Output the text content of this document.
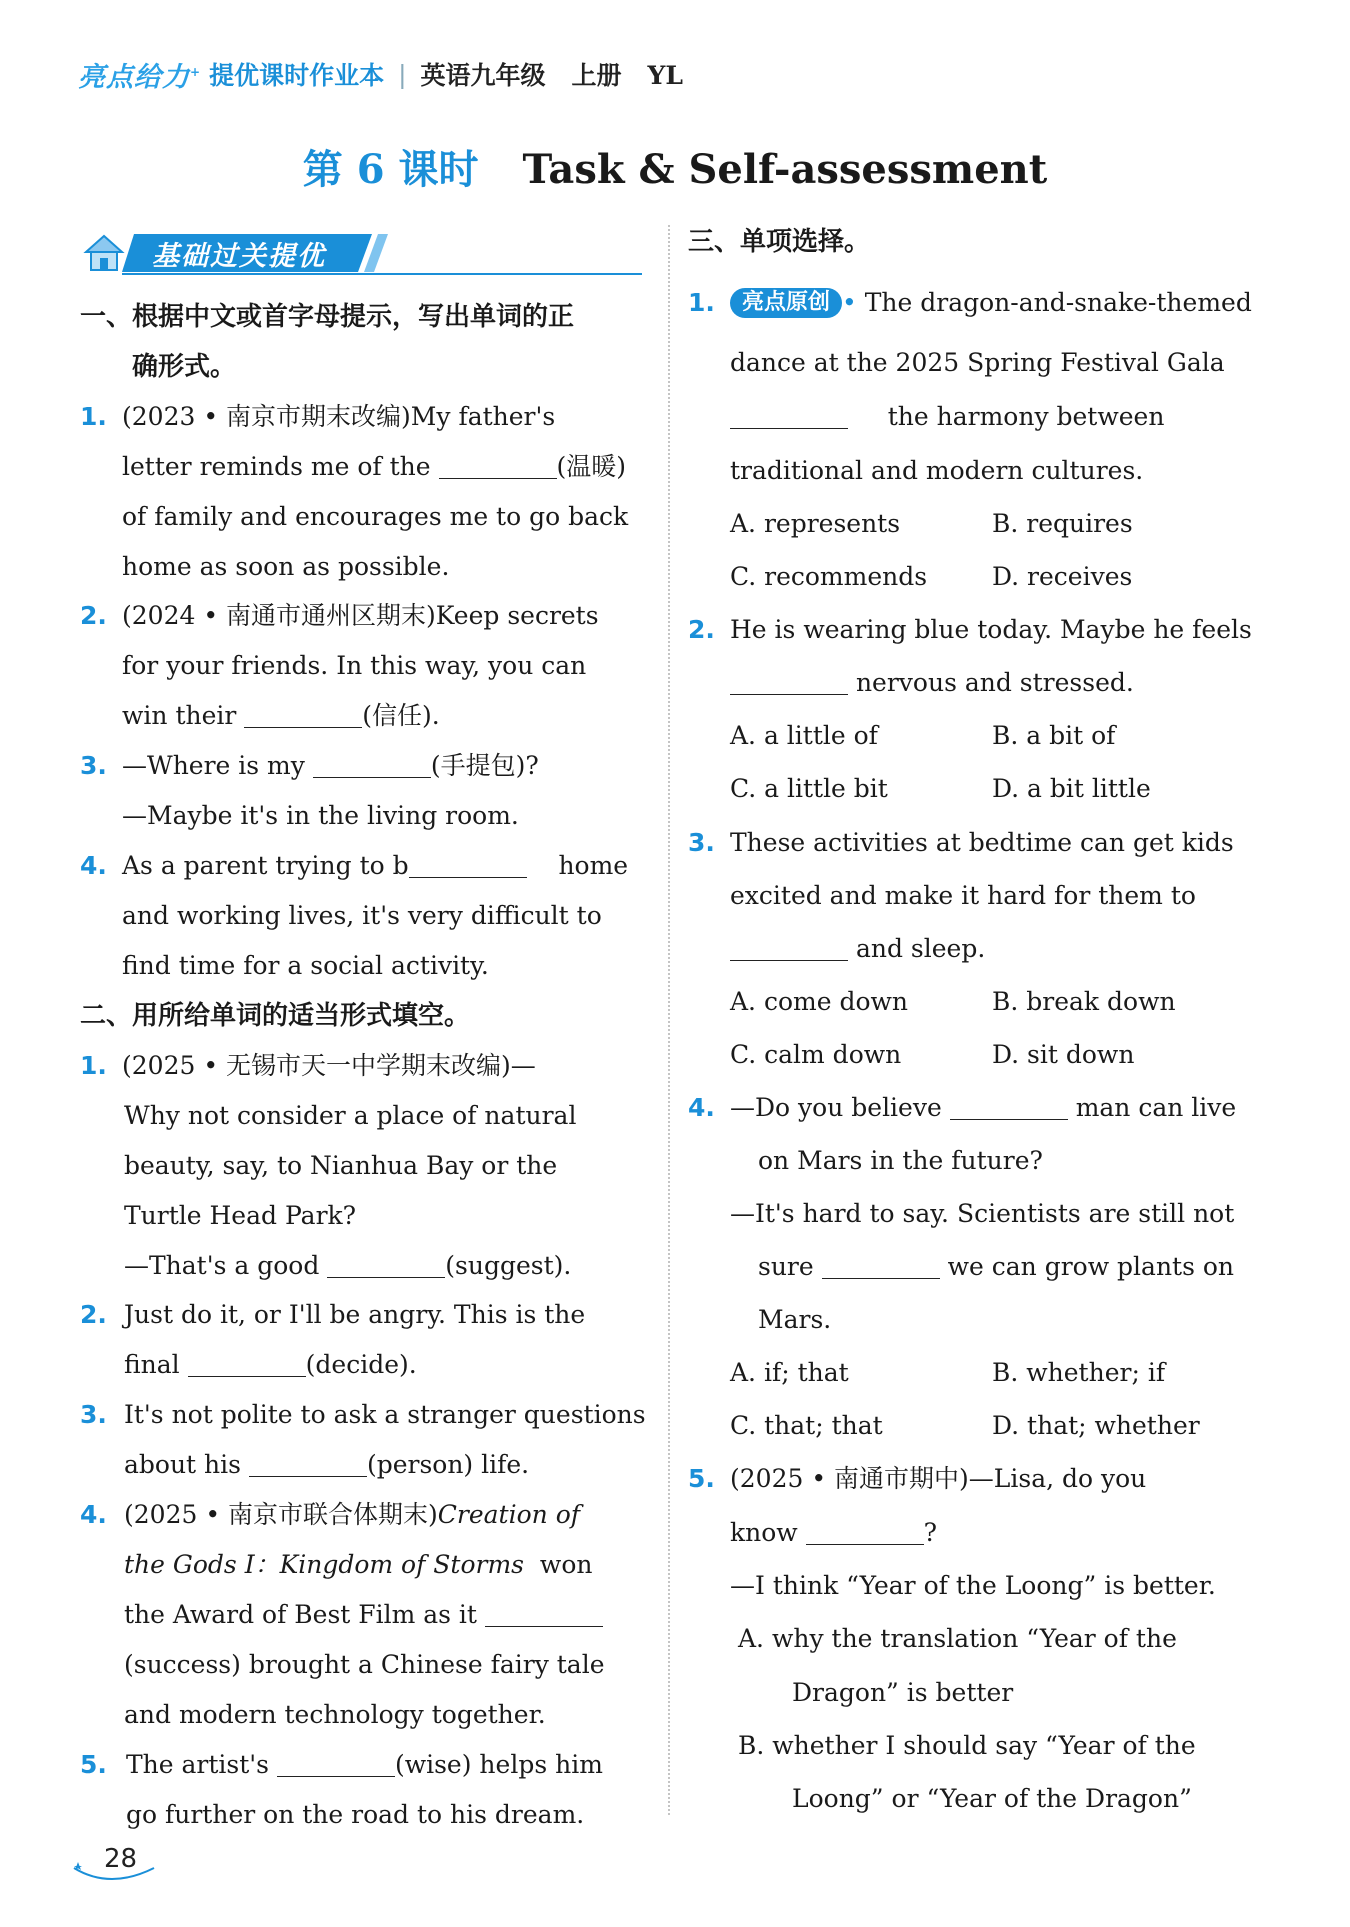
亮点给力+ 提优课时作业本 | 英语九年级 上册 YL
第 6 课时 Task & Self-assessment
基础过关提优
一、根据中文或首字母提示，写出单词的正
确形式。
1. (2023 • 南京市期末改编)My father's
letter reminds me of the	(温暖)
of family and encourages me to go back
home as soon as possible.
2. (2024 • 南通市通州区期末)Keep secrets
for your friends. In this way, you can
win their	(信任).
3. —Where is my	(手提包)?
—Maybe it's in the living room.
4. As a parent trying to b	home
and working lives, it's very difficult to
find time for a social activity.
二、用所给单词的适当形式填空。
1. (2025 • 无锡市天一中学期末改编)—
Why not consider a place of natural
beauty, say, to Nianhua Bay or the
Turtle Head Park?
—That's a good	(suggest).
2. Just do it, or I'll be angry. This is the
final	(decide).
3. It's not polite to ask a stranger questions
about his	(person) life.
4. (2025 • 南京市联合体期末)Creation of
the Gods Ⅰ：Kingdom of Storms won
the Award of Best Film as it
(success) brought a Chinese fairy tale
and modern technology together.
5. The artist's	(wise) helps him
go further on the road to his dream.
三、单项选择。
1.	亮点原创 • The dragon-and-snake-themed
dance at the 2025 Spring Festival Gala
the harmony between
traditional and modern cultures.
A. represents	B. requires
C. recommends	D. receives
2. He is wearing blue today. Maybe he feels
nervous and stressed.
A. a little of	B. a bit of
C. a little bit	D. a bit little
3. These activities at bedtime can get kids
excited and make it hard for them to
and sleep.
A. come down	B. break down
C. calm down	D. sit down
4. —Do you believe	man can live
on Mars in the future?
—It's hard to say. Scientists are still not
sure	we can grow plants on
Mars.
A. if; that	B. whether; if
C. that; that	D. that; whether
5. (2025 • 南通市期中)—Lisa, do you
know	?
—I think “Year of the Loong” is better.
A. why the translation “Year of the
Dragon” is better
B. whether I should say “Year of the
Loong” or “Year of the Dragon”
28
